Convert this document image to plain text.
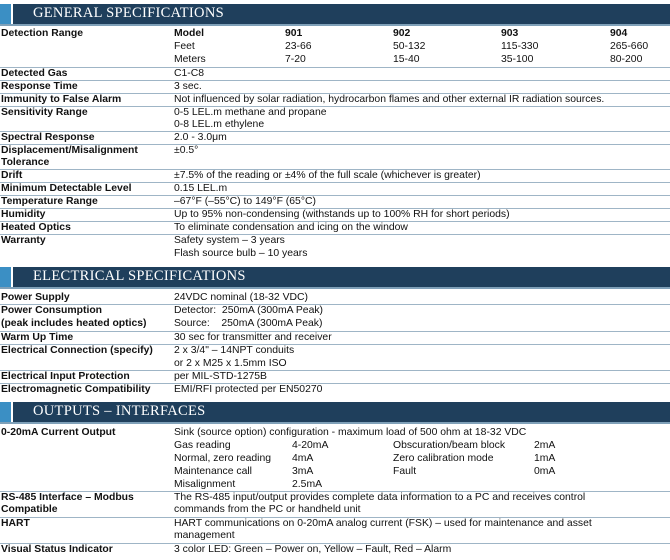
GENERAL SPECIFICATIONS
Detection Range	Model
Feet
Meters
901
23-66
7-20
902
50-132
15-40
903
115-330
35-100
904
265-660
80-200
Detected Gas	C1-C8
Response Time	3 sec.
Immunity to False Alarm	Not influenced by solar radiation, hydrocarbon flames and other external IR radiation sources.
Sensitivity Range	0-5 LEL.m methane and propane
0-8 LEL.m ethylene
Spectral Response	2.0 - 3.0μm
Displacement/Misalignment
Tolerance
±0.5°
Drift	±7.5% of the reading or ±4% of the full scale (whichever is greater)
Minimum Detectable Level	0.15 LEL.m
Temperature Range	–67°F (–55°C) to 149°F (65°C)
Humidity	Up to 95% non-condensing (withstands up to 100% RH for short periods)
Heated Optics	To eliminate condensation and icing on the window
Warranty	Safety system – 3 years
Flash source bulb – 10 years
ELECTRICAL SPECIFICATIONS
Power Supply	24VDC nominal (18-32 VDC)
Power Consumption
(peak includes heated optics)
Detector:  250mA (300mA Peak)
Source:    250mA (300mA Peak)
Warm Up Time	30 sec for transmitter and receiver
Electrical Connection (specify) 2 x 3/4" – 14NPT conduits
or 2 x M25 x 1.5mm ISO
Electrical Input Protection	per MIL-STD-1275B
Electromagnetic Compatibility EMI/RFI protected per EN50270
OUTPUTS – INTERFACES
0-20mA Current Output	Sink (source option) configuration - maximum load of 500 ohm at 18-32 VDC
Gas reading	4-20mA
Normal, zero reading 4mA
Maintenance call	3mA
Misalignment	2.5mA
Obscuration/beam block	2mA
Zero calibration mode	1mA
Fault	0mA
RS-485 Interface – Modbus
Compatible
The RS-485 input/output provides complete data information to a PC and receives control
commands from the PC or handheld unit
HART	HART communications on 0-20mA analog current (FSK) – used for maintenance and asset
management
Visual Status Indicator	3 color LED: Green – Power on, Yellow – Fault, Red – Alarm
